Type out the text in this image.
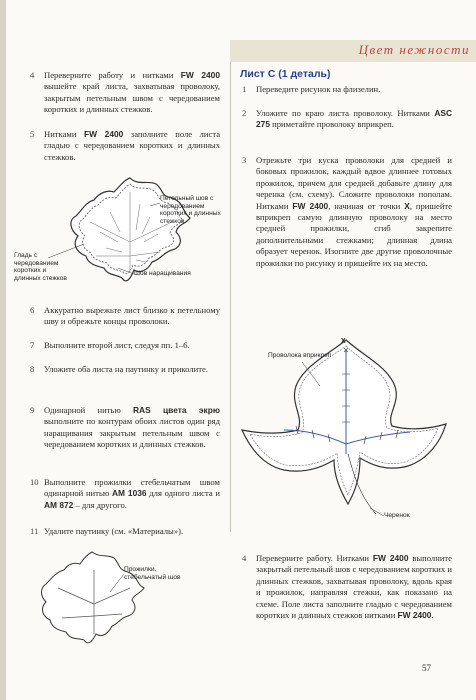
Цвет нежности
4 Переверните работу и нитками FW 2400 вышейте край листа, захватывая проволоку, закрытым петельным швом с чередованием коротких и длинных стежков.
5 Нитками FW 2400 заполните поле листа гладью с чередованием коротких и длинных стежков.
Петельный шов с чередованием коротких и длинных стежков
Гладь с чередованием коротких и длинных стежков
Шов наращивания
6 Аккуратно вырежьте лист близко к петельному шву и обрежьте концы проволоки.
7 Выполните второй лист, следуя пп. 1–6.
8 Уложите оба листа на паутинку и приколите.
9 Одинарной нитью RAS цвета экрю выполните по контурам обоих листов один ряд наращивания закрытым петельным швом с чередованием коротких и длинных стежков.
10 Выполните прожилки стебельчатым швом одинарной нитью AM 1036 для одного листа и AM 872 – для другого.
11 Удалите паутинку (см. «Материалы»).
Прожилки, стебельчатый шов
Лист С (1 деталь)
1 Переведите рисунок на флизелин.
2 Уложите по краю листа проволоку. Нитками ASC 275 приметайте проволоку вприкреп.
3 Отрежьте три куска проволоки для средней и боковых прожилок, каждый вдвое длиннее готовых прожилок, причем для средней добавьте длину для черенка (см. схему). Сложите проволоки пополам. Нитками FW 2400, начиная от точки X, пришейте вприкреп самую длинную проволоку на место средней прожилки, сгиб закрепите дополнительными стежками; длинная длина образует черенок. Изогните две другие проволочные прожилки по рисунку и пришейте их на место.
Проволока вприкреп
X
Черенок
4 Переверните работу. Нитками FW 2400 выполните закрытый петельный шов с чередованием коротких и длинных стежков, захватывая проволоку, вдоль края и прожилок, направляя стежки, как показано на схеме. Поле листа заполните гладью с чередованием коротких и длинных стежков нитками FW 2400.
57
